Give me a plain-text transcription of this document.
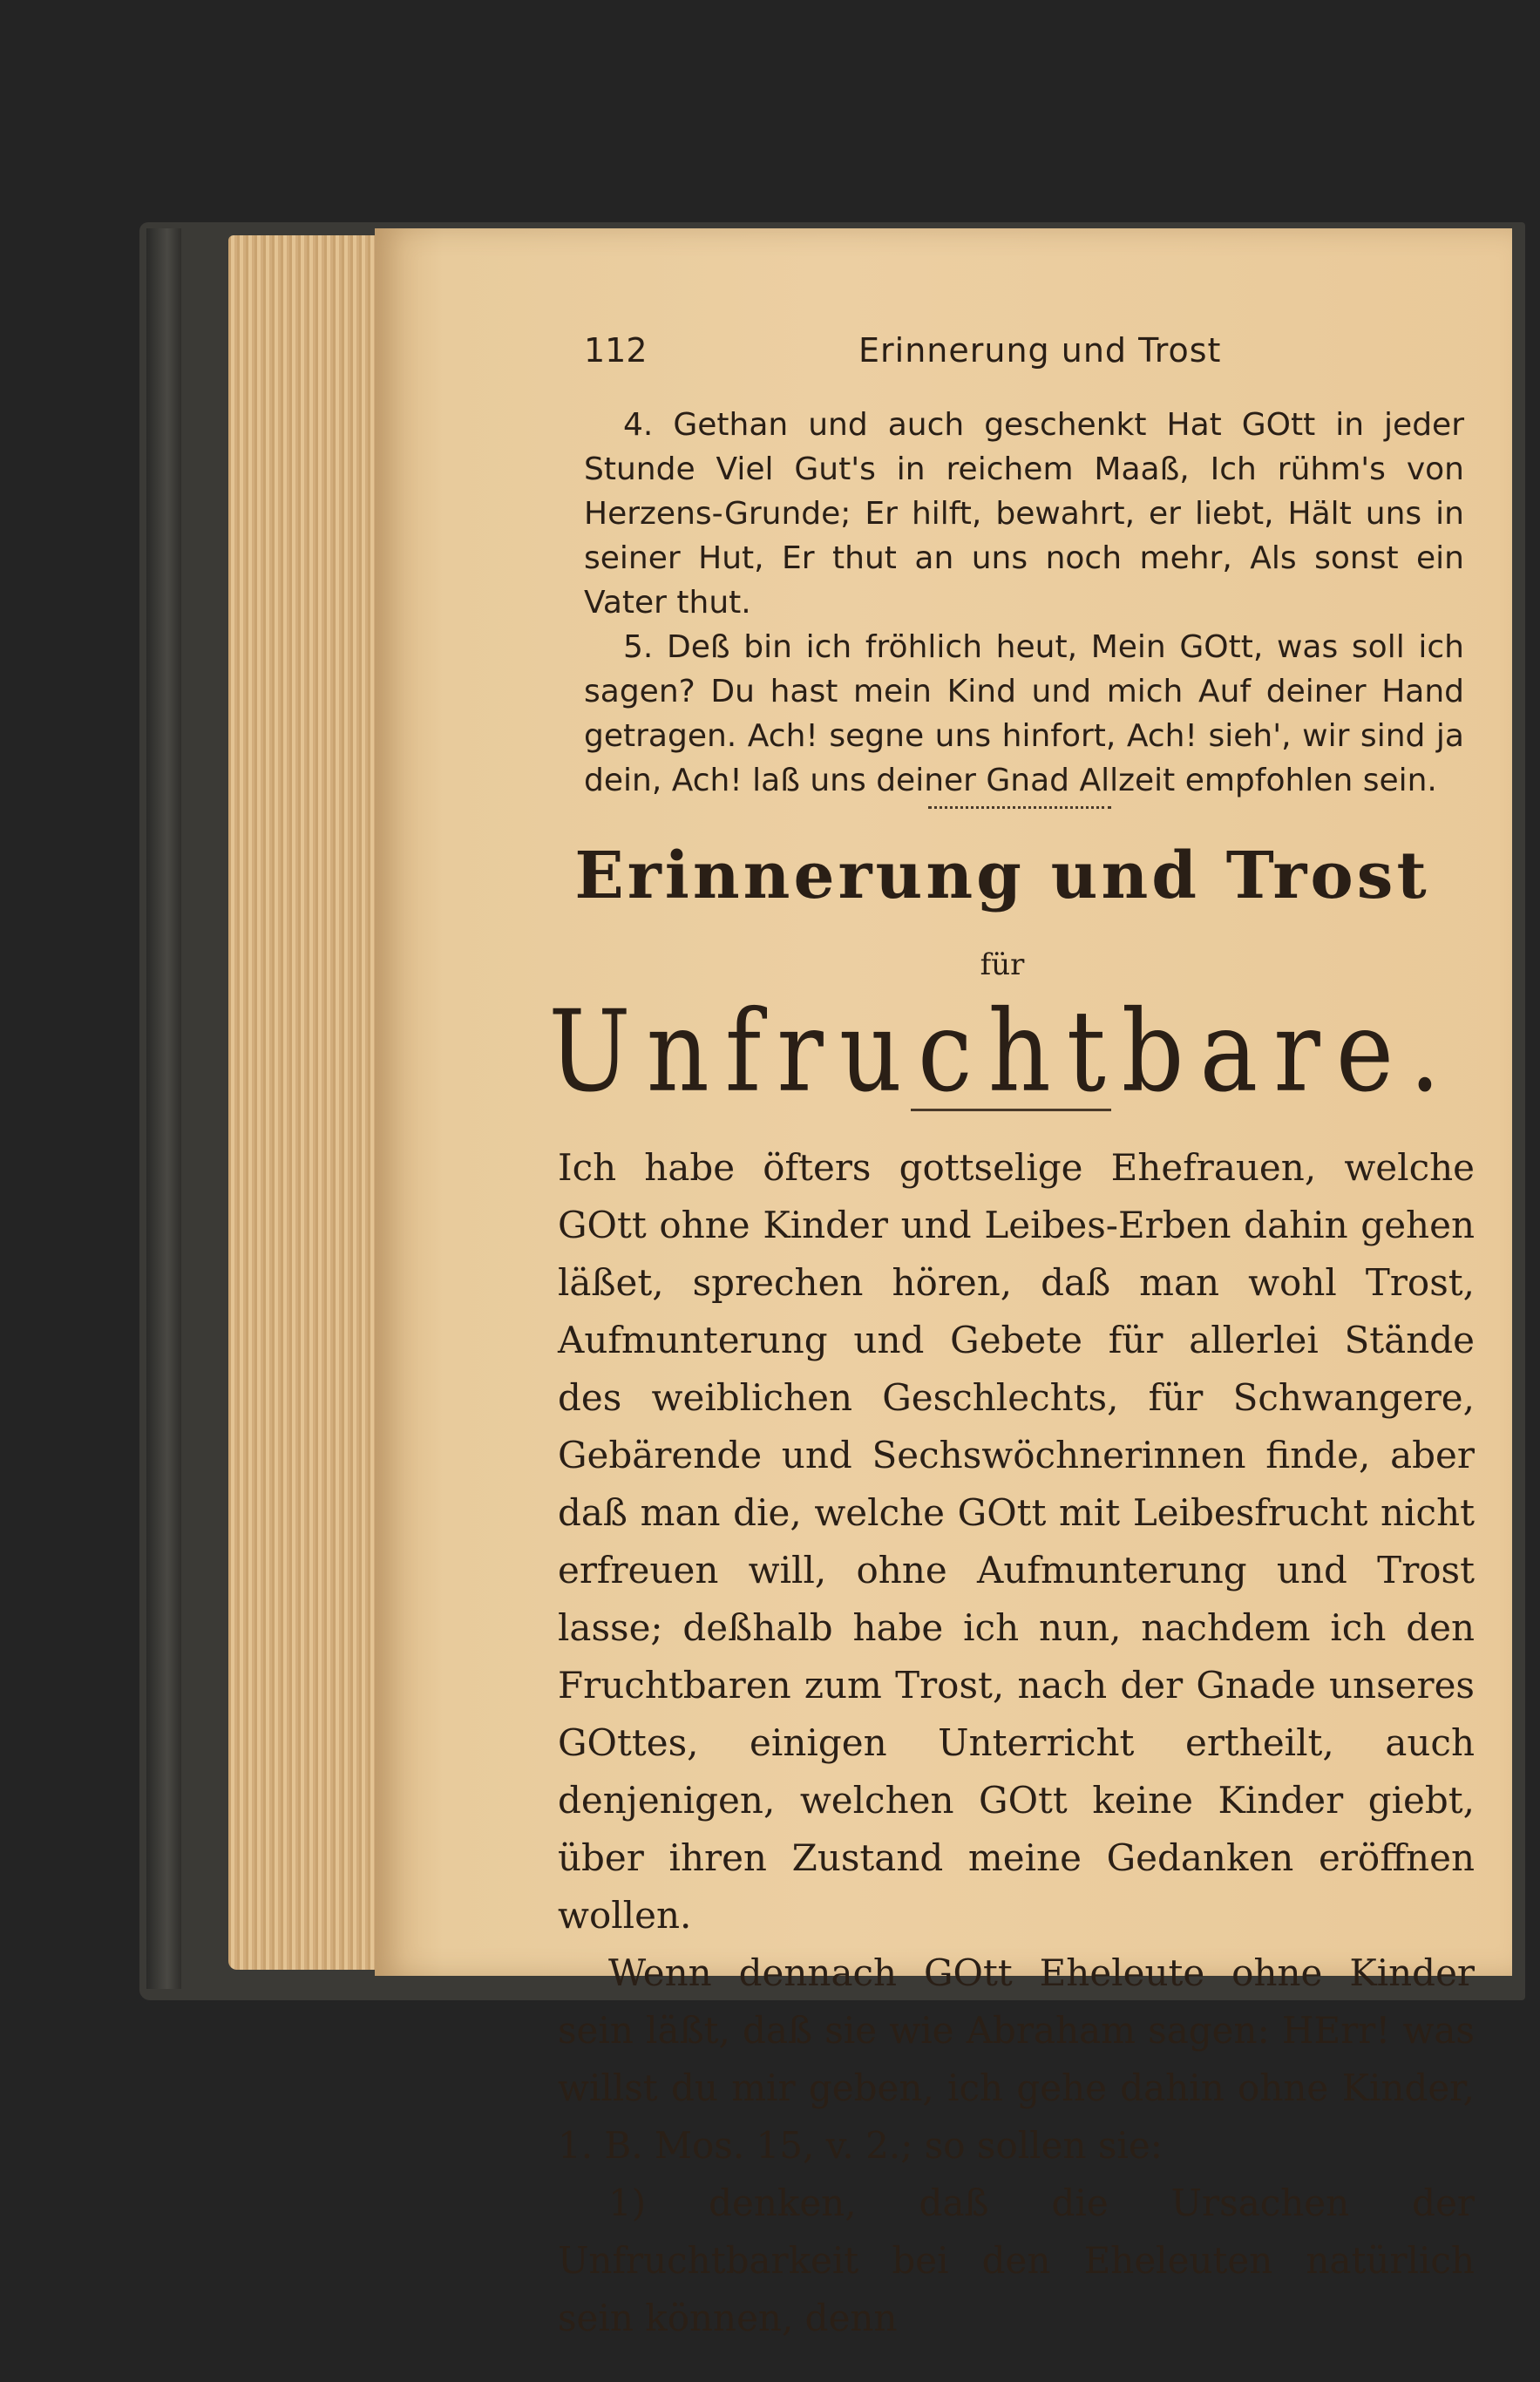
112	Erinnerung und Trost

4. Gethan und auch geschenkt Hat GOtt in jeder Stunde Viel Gut's in reichem Maaß, Ich rühm's von Herzens-Grunde; Er hilft, bewahrt, er liebt, Hält uns in seiner Hut, Er thut an uns noch mehr, Als sonst ein Vater thut.

5. Deß bin ich fröhlich heut, Mein GOtt, was soll ich sagen? Du hast mein Kind und mich Auf deiner Hand getragen. Ach! segne uns hinfort, Ach! sieh', wir sind ja dein, Ach! laß uns deiner Gnad Allzeit empfohlen sein.

Erinnerung und Trost
für
Unfruchtbare.

Ich habe öfters gottselige Ehefrauen, welche GOtt ohne Kinder und Leibes-Erben dahin gehen läßet, sprechen hören, daß man wohl Trost, Aufmunterung und Gebete für allerlei Stände des weiblichen Geschlechts, für Schwangere, Gebärende und Sechswöchnerinnen finde, aber daß man die, welche GOtt mit Leibesfrucht nicht erfreuen will, ohne Aufmunterung und Trost lasse; deßhalb habe ich nun, nachdem ich den Fruchtbaren zum Trost, nach der Gnade unseres GOttes, einigen Unterricht ertheilt, auch denjenigen, welchen GOtt keine Kinder giebt, über ihren Zustand meine Gedanken eröffnen wollen.

Wenn dennach GOtt Eheleute ohne Kinder sein läßt, daß sie wie Abraham sagen: HErr! was willst du mir geben, ich gehe dahin ohne Kinder, 1. B. Mos. 15, v. 2.; so sollen sie:

1) denken, daß die Ursachen der Unfruchtbarkeit bei den Eheleuten natürlich sein können, denn
